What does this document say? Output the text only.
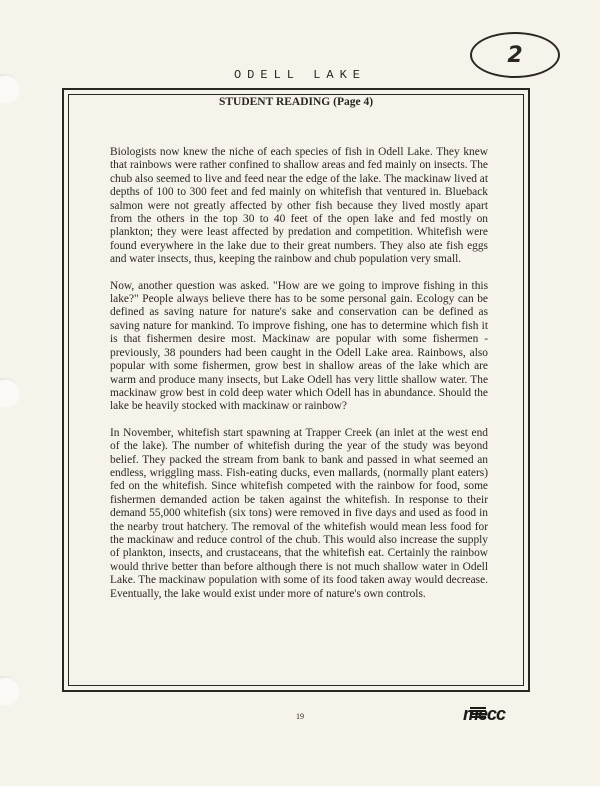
2
ODELL LAKE
STUDENT READING (Page 4)

Biologists now knew the niche of each species of fish in Odell Lake. They knew that rainbows were rather confined to shallow areas and fed mainly on insects. The chub also seemed to live and feed near the edge of the lake. The mackinaw lived at depths of 100 to 300 feet and fed mainly on whitefish that ventured in. Blueback salmon were not greatly affected by other fish because they lived mostly apart from the others in the top 30 to 40 feet of the open lake and fed mostly on plankton; they were least affected by predation and competition. Whitefish were found everywhere in the lake due to their great numbers. They also ate fish eggs and water insects, thus, keeping the rainbow and chub population very small.

Now, another question was asked. "How are we going to improve fishing in this lake?" People always believe there has to be some personal gain. Ecology can be defined as saving nature for nature's sake and conservation can be defined as saving nature for mankind. To improve fishing, one has to determine which fish it is that fishermen desire most. Mackinaw are popular with some fishermen - previously, 38 pounders had been caught in the Odell Lake area. Rainbows, also popular with some fishermen, grow best in shallow areas of the lake which are warm and produce many insects, but Lake Odell has very little shallow water. The mackinaw grow best in cold deep water which Odell has in abundance. Should the lake be heavily stocked with mackinaw or rainbow?

In November, whitefish start spawning at Trapper Creek (an inlet at the west end of the lake). The number of whitefish during the year of the study was beyond belief. They packed the stream from bank to bank and passed in what seemed an endless, wriggling mass. Fish-eating ducks, even mallards, (normally plant eaters) fed on the whitefish. Since whitefish competed with the rainbow for food, some fishermen demanded action be taken against the whitefish. In response to their demand 55,000 whitefish (six tons) were removed in five days and used as food in the nearby trout hatchery. The removal of the whitefish would mean less food for the mackinaw and reduce control of the chub. This would also increase the supply of plankton, insects, and crustaceans, that the whitefish eat. Certainly the rainbow would thrive better than before although there is not much shallow water in Odell Lake. The mackinaw population with some of its food taken away would decrease. Eventually, the lake would exist under more of nature's own controls.

19	mecc
